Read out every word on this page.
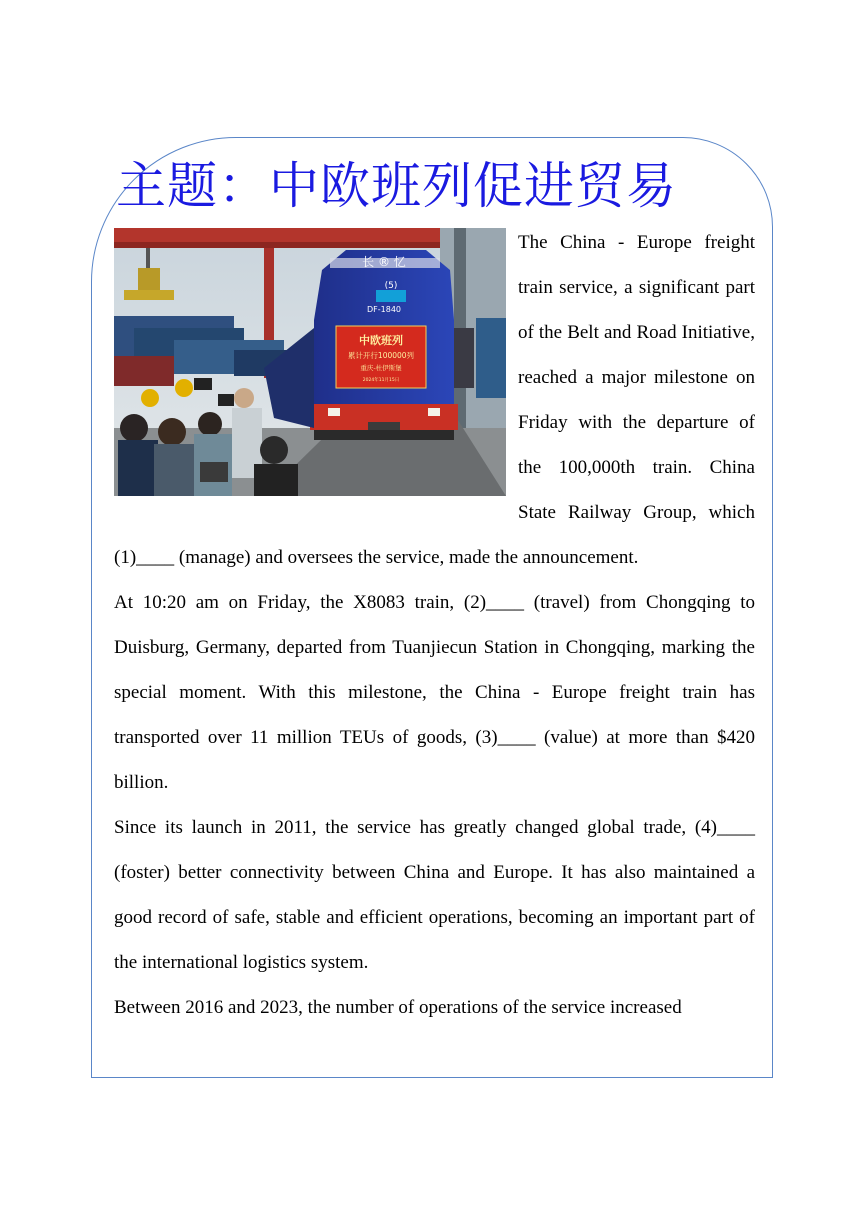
主题：中欧班列促进贸易
(5)
长 ® 忆
DF-1840
中欧班列
累计开行100000列
重庆-杜伊斯堡
2024年11月15日

The China - Europe freight train service, a significant part of the Belt and Road Initiative, reached a major milestone on Friday with the departure of the 100,000th train. China State Railway Group, which (1)____ (manage) and oversees the service, made the announcement.

At 10:20 am on Friday, the X8083 train, (2)____ (travel) from Chongqing to Duisburg, Germany, departed from Tuanjiecun Station in Chongqing, marking the special moment. With this milestone, the China - Europe freight train has transported over 11 million TEUs of goods, (3)____ (value) at more than $420 billion.

Since its launch in 2011, the service has greatly changed global trade, (4)____ (foster) better connectivity between China and Europe. It has also maintained a good record of safe, stable and efficient operations, becoming an important part of the international logistics system.

Between 2016 and 2023, the number of operations of the service increased
